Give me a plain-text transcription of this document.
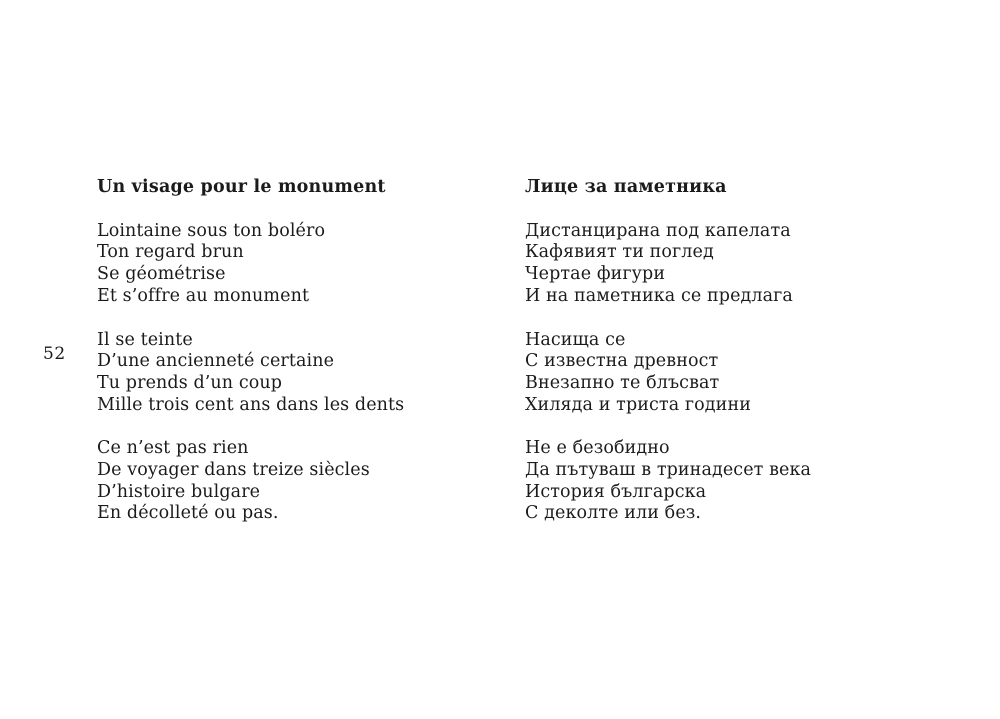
52
Un visage pour le monument

Lointaine sous ton boléro

Ton regard brun

Se géométrise

Et s’offre au monument

Il se teinte

D’une ancienneté certaine

Tu prends d’un coup

Mille trois cent ans dans les dents

Ce n’est pas rien

De voyager dans treize siècles

D’histoire bulgare

En décolleté ou pas.

Лице за паметника

Дистанцирана под капелата

Кафявият ти поглед

Чертае фигури

И на паметника се предлага

Насища се

С известна древност

Внезапно те блъсват

Хиляда и триста години

Не е безобидно

Да пътуваш в тринадесет века

История българска

С деколте или без.
